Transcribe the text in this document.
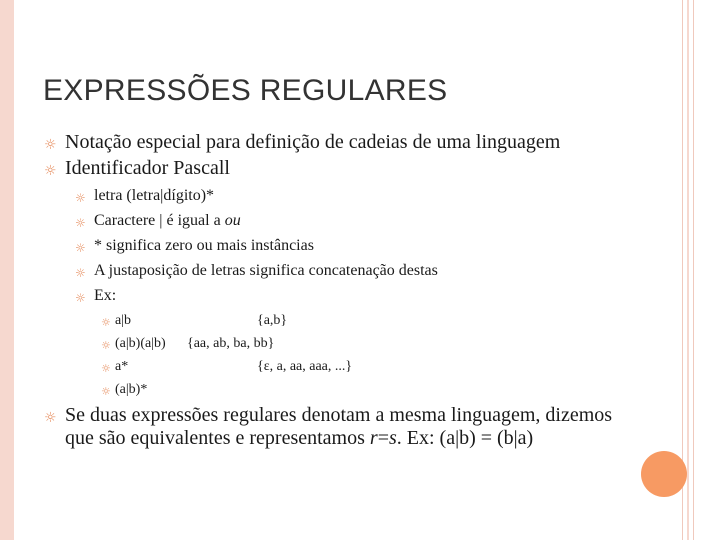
EXPRESSÕES REGULARES
☼ Notação especial para definição de cadeias de uma linguagem
☼ Identificador Pascall
☼ letra (letra|dígito)*
☼ Caractere | é igual a ou
☼ * significa zero ou mais instâncias
☼ A justaposição de letras significa concatenação destas
☼ Ex:
☼ a|b	{a,b}
☼ (a|b)(a|b) {aa, ab, ba, bb}
☼ a*	{ε, a, aa, aaa, ...}
☼ (a|b)*
☼ Se duas expressões regulares denotam a mesma linguagem, dizemos que são equivalentes e representamos r=s. Ex: (a|b) = (b|a)
